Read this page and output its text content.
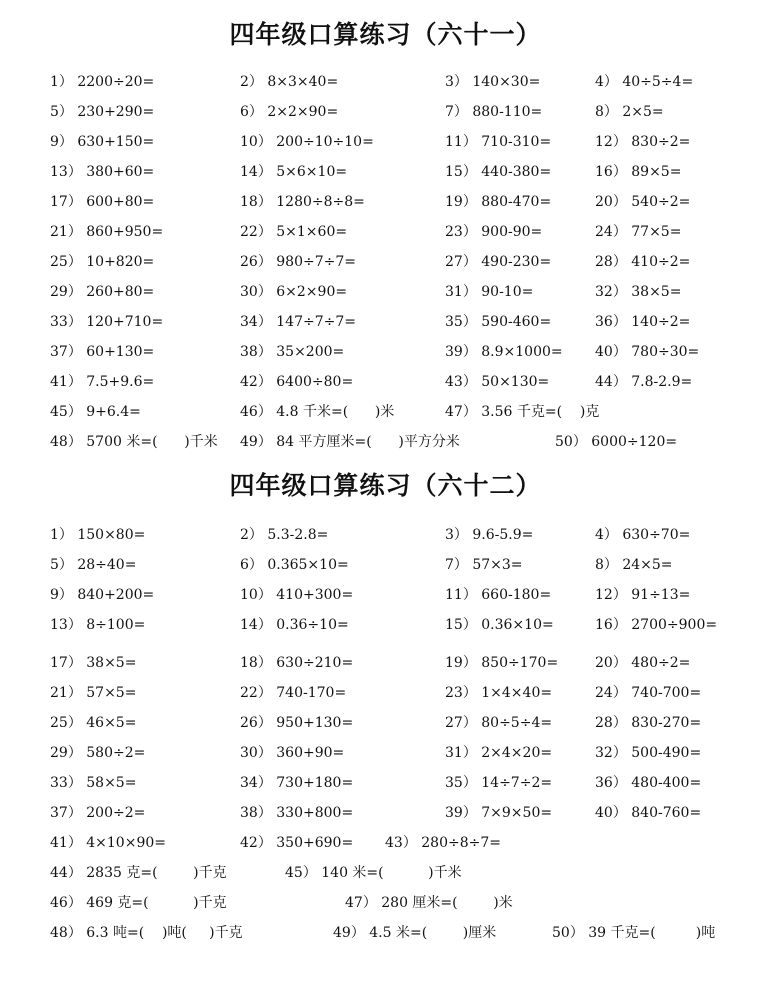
四年级口算练习（六十一）
1） 2200÷20=	2） 8×3×40=	3） 140×30=	4） 40÷5÷4=
5） 230+290=	6） 2×2×90=	7） 880-110=	8） 2×5=
9） 630+150=	10） 200÷10÷10=	11） 710-310=	12） 830÷2=
13） 380+60=	14） 5×6×10=	15） 440-380=	16） 89×5=
17） 600+80=	18） 1280÷8÷8=	19） 880-470=	20） 540÷2=
21） 860+950=	22） 5×1×60=	23） 900-90=	24） 77×5=
25） 10+820=	26） 980÷7÷7=	27） 490-230=	28） 410÷2=
29） 260+80=	30） 6×2×90=	31） 90-10=	32） 38×5=
33） 120+710=	34） 147÷7÷7=	35） 590-460=	36） 140÷2=
37） 60+130=	38） 35×200=	39） 8.9×1000= 40） 780÷30=
41） 7.5+9.6=	42） 6400÷80=	43） 50×130=	44） 7.8-2.9=
45） 9+6.4=	46） 4.8 千米=(      )米	47） 3.56 千克=(    )克
48） 5700 米=(      )千米 49） 84 平方厘米=(      )平方分米	50） 6000÷120=
四年级口算练习（六十二）
1） 150×80=	2） 5.3-2.8=	3） 9.6-5.9=	4） 630÷70=
5） 28÷40=	6） 0.365×10=	7） 57×3=	8） 24×5=
9） 840+200=	10） 410+300=	11） 660-180=	12） 91÷13=
13） 8÷100=	14） 0.36÷10=	15） 0.36×10=	16） 2700÷900=
17） 38×5=	18） 630÷210=	19） 850÷170=	20） 480÷2=
21） 57×5=	22） 740-170=	23） 1×4×40=	24） 740-700=
25） 46×5=	26） 950+130=	27） 80÷5÷4=	28） 830-270=
29） 580÷2=	30） 360+90=	31） 2×4×20=	32） 500-490=
33） 58×5=	34） 730+180=	35） 14÷7÷2=	36） 480-400=
37） 200÷2=	38） 330+800=	39） 7×9×50=	40） 840-760=
41） 4×10×90=	42） 350+690= 43） 280÷8÷7=
44） 2835 克=(        )千克	45） 140 米=(          )千米
46） 469 克=(          )千克	47） 280 厘米=(        )米
48） 6.3 吨=(    )吨(     )千克	49） 4.5 米=(        )厘米	50） 39 千克=(         )吨
